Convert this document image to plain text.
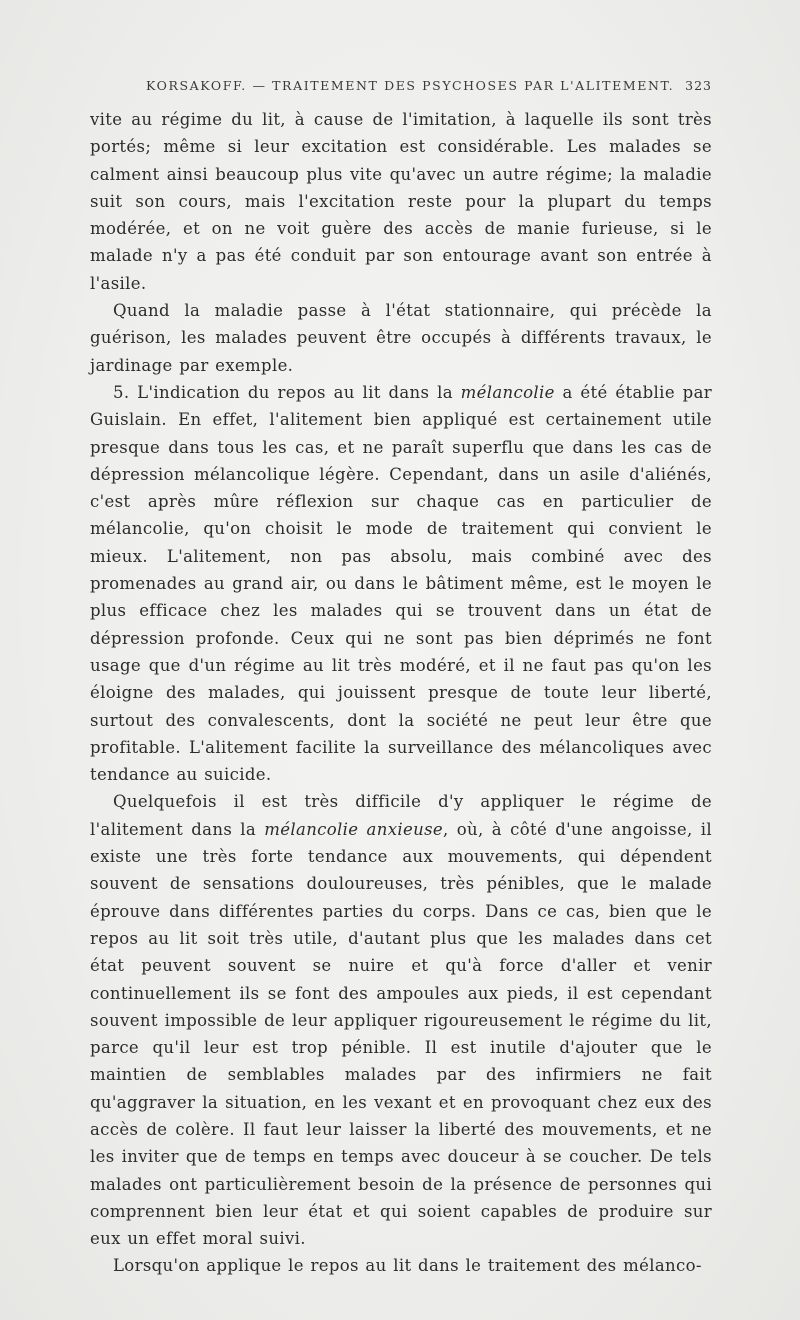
KORSAKOFF. — TRAITEMENT DES PSYCHOSES PAR L'ALITEMENT. 323

vite au régime du lit, à cause de l'imitation, à laquelle ils sont très portés; même si leur excitation est considérable. Les malades se calment ainsi beaucoup plus vite qu'avec un autre régime; la maladie suit son cours, mais l'excitation reste pour la plupart du temps modérée, et on ne voit guère des accès de manie furieuse, si le malade n'y a pas été conduit par son entourage avant son entrée à l'asile.

Quand la maladie passe à l'état stationnaire, qui précède la guérison, les malades peuvent être occupés à différents travaux, le jardinage par exemple.

5. L'indication du repos au lit dans la mélancolie a été établie par Guislain. En effet, l'alitement bien appliqué est certainement utile presque dans tous les cas, et ne paraît superflu que dans les cas de dépression mélancolique légère. Cependant, dans un asile d'aliénés, c'est après mûre réflexion sur chaque cas en particulier de mélancolie, qu'on choisit le mode de traitement qui convient le mieux. L'alitement, non pas absolu, mais combiné avec des promenades au grand air, ou dans le bâtiment même, est le moyen le plus efficace chez les malades qui se trouvent dans un état de dépression profonde. Ceux qui ne sont pas bien déprimés ne font usage que d'un régime au lit très modéré, et il ne faut pas qu'on les éloigne des malades, qui jouissent presque de toute leur liberté, surtout des convalescents, dont la société ne peut leur être que profitable. L'alitement facilite la surveillance des mélancoliques avec tendance au suicide.

Quelquefois il est très difficile d'y appliquer le régime de l'alitement dans la mélancolie anxieuse, où, à côté d'une angoisse, il existe une très forte tendance aux mouvements, qui dépendent souvent de sensations douloureuses, très pénibles, que le malade éprouve dans différentes parties du corps. Dans ce cas, bien que le repos au lit soit très utile, d'autant plus que les malades dans cet état peuvent souvent se nuire et qu'à force d'aller et venir continuellement ils se font des ampoules aux pieds, il est cependant souvent impossible de leur appliquer rigoureusement le régime du lit, parce qu'il leur est trop pénible. Il est inutile d'ajouter que le maintien de semblables malades par des infirmiers ne fait qu'aggraver la situation, en les vexant et en provoquant chez eux des accès de colère. Il faut leur laisser la liberté des mouvements, et ne les inviter que de temps en temps avec douceur à se coucher. De tels malades ont particulièrement besoin de la présence de personnes qui comprennent bien leur état et qui soient capables de produire sur eux un effet moral suivi.

Lorsqu'on applique le repos au lit dans le traitement des mélanco-
